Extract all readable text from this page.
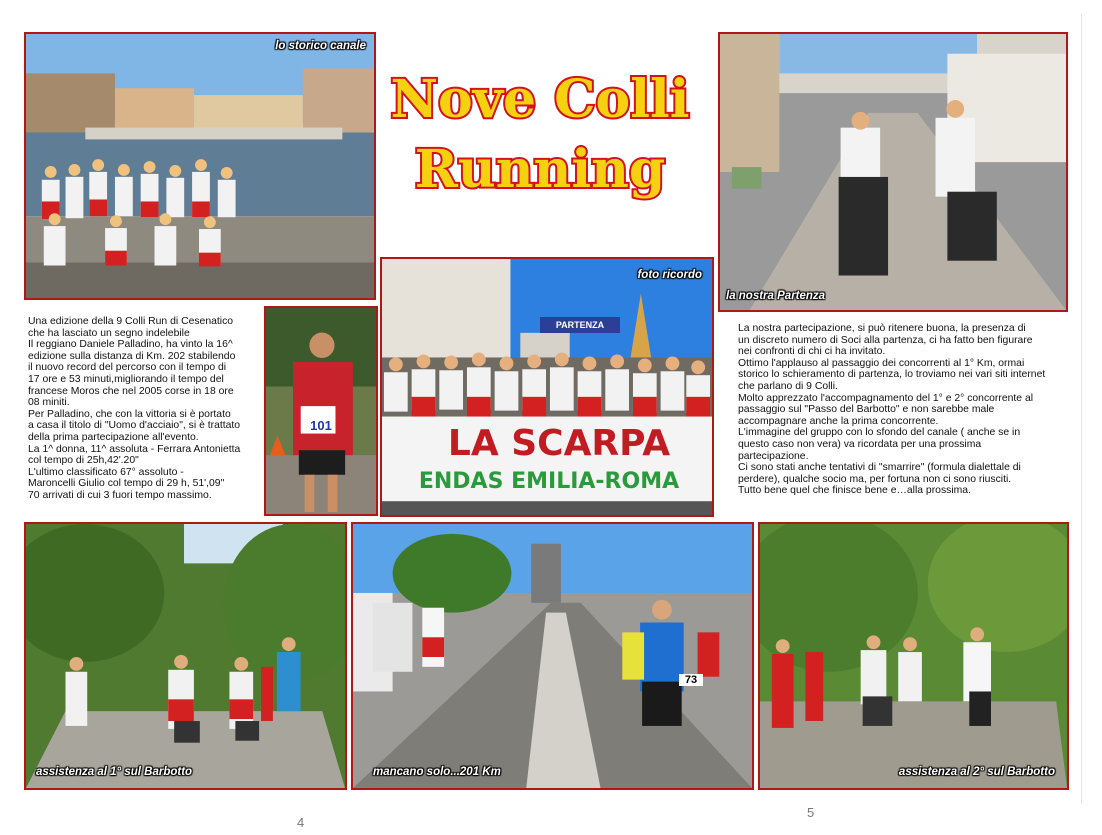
lo storico canale
Nove Colli
Running
la nostra Partenza
101
PARTENZA
LA SCARPA
ENDAS EMILIA-ROMA
foto ricordo

Una edizione della 9 Colli Run di Cesenatico

che ha lasciato un segno indelebile

Il reggiano Daniele Palladino, ha vinto la 16^

edizione sulla distanza di Km. 202 stabilendo

il nuovo record del percorso con il tempo di

17 ore e 53 minuti,migliorando il tempo del

francese Moros che nel 2005 corse in 18 ore

08 miniti.

Per Palladino, che con la vittoria si è portato

a casa il titolo di "Uomo d'acciaio", si è trattato

della prima partecipazione all'evento.

La 1^ donna, 11^ assoluta - Ferrara Antonietta

col tempo di 25h,42'.20"

L'ultimo classificato 67° assoluto -

Maroncelli Giulio col tempo di 29 h, 51',09"

70 arrivati di cui 3 fuori tempo massimo.

La nostra partecipazione, si può ritenere buona, la presenza di

un discreto numero di Soci alla partenza, ci ha fatto ben figurare

nei confronti di chi ci ha invitato.

Ottimo l'applauso al passaggio dei concorrenti al 1° Km, ormai

storico lo schieramento di partenza, lo troviamo nei vari siti internet

che parlano di 9 Colli.

Molto apprezzato l'accompagnamento del 1° e 2° concorrente al

passaggio sul "Passo del Barbotto" e non sarebbe male

accompagnare anche la prima concorrente.

L'immagine del gruppo con lo sfondo del canale ( anche se in

questo caso non vera) va ricordata per una prossima

partecipazione.

Ci sono stati anche tentativi di "smarrire" (formula dialettale di

perdere), qualche socio ma, per fortuna non ci sono riusciti.

Tutto bene quel che finisce bene e…alla prossima.

assistenza al 1° sul Barbotto
73
mancano solo...201 Km	assistenza al 2° sul Barbotto
4
5
